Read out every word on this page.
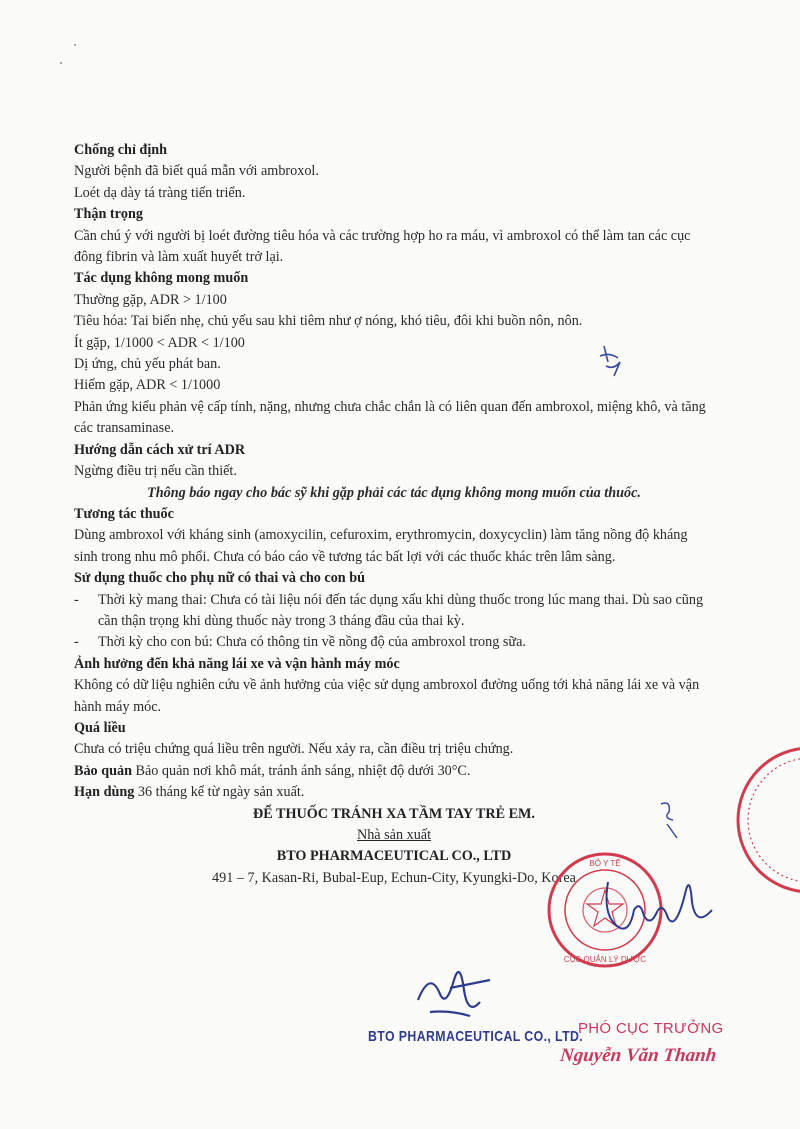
Chống chỉ định

Người bệnh đã biết quá mẫn với ambroxol.

Loét dạ dày tá tràng tiến triển.

Thận trọng

Cần chú ý với người bị loét đường tiêu hóa và các trường hợp ho ra máu, vì ambroxol có thể làm tan các cục đông fibrin và làm xuất huyết trở lại.

Tác dụng không mong muốn

Thường gặp, ADR > 1/100

Tiêu hóa: Tai biến nhẹ, chủ yếu sau khi tiêm như ợ nóng, khó tiêu, đôi khi buồn nôn, nôn.

Ít gặp, 1/1000 < ADR < 1/100

Dị ứng, chủ yếu phát ban.

Hiếm gặp, ADR < 1/1000

Phản ứng kiểu phản vệ cấp tính, nặng, nhưng chưa chắc chắn là có liên quan đến ambroxol, miệng khô, và tăng các transaminase.

Hướng dẫn cách xử trí ADR

Ngừng điều trị nếu cần thiết.

Thông báo ngay cho bác sỹ khi gặp phải các tác dụng không mong muốn của thuốc.

Tương tác thuốc

Dùng ambroxol với kháng sinh (amoxycilin, cefuroxim, erythromycin, doxycyclin) làm tăng nồng độ kháng sinh trong nhu mô phổi. Chưa có báo cáo về tương tác bất lợi với các thuốc khác trên lâm sàng.

Sử dụng thuốc cho phụ nữ có thai và cho con bú

-	Thời kỳ mang thai: Chưa có tài liệu nói đến tác dụng xấu khi dùng thuốc trong lúc mang thai. Dù sao cũng cần thận trọng khi dùng thuốc này trong 3 tháng đầu của thai kỳ.
-	Thời kỳ cho con bú: Chưa có thông tin về nồng độ của ambroxol trong sữa.

Ảnh hưởng đến khả năng lái xe và vận hành máy móc

Không có dữ liệu nghiên cứu về ảnh hưởng của việc sử dụng ambroxol đường uống tới khả năng lái xe và vận hành máy móc.

Quá liều

Chưa có triệu chứng quá liều trên người. Nếu xảy ra, cần điều trị triệu chứng.

Bảo quản Bảo quản nơi khô mát, tránh ánh sáng, nhiệt độ dưới 30°C.

Hạn dùng 36 tháng kể từ ngày sản xuất.

ĐỂ THUỐC TRÁNH XA TẦM TAY TRẺ EM.

Nhà sản xuất

BTO PHARMACEUTICAL CO., LTD

491 – 7, Kasan-Ri, Bubal-Eup, Echun-City, Kyungki-Do, Korea

BỘ Y TẾ
CỤC QUẢN LÝ DƯỢC
BTO PHARMACEUTICAL CO., LTD.
PHÓ CỤC TRƯỞNG
Nguyễn Văn Thanh
